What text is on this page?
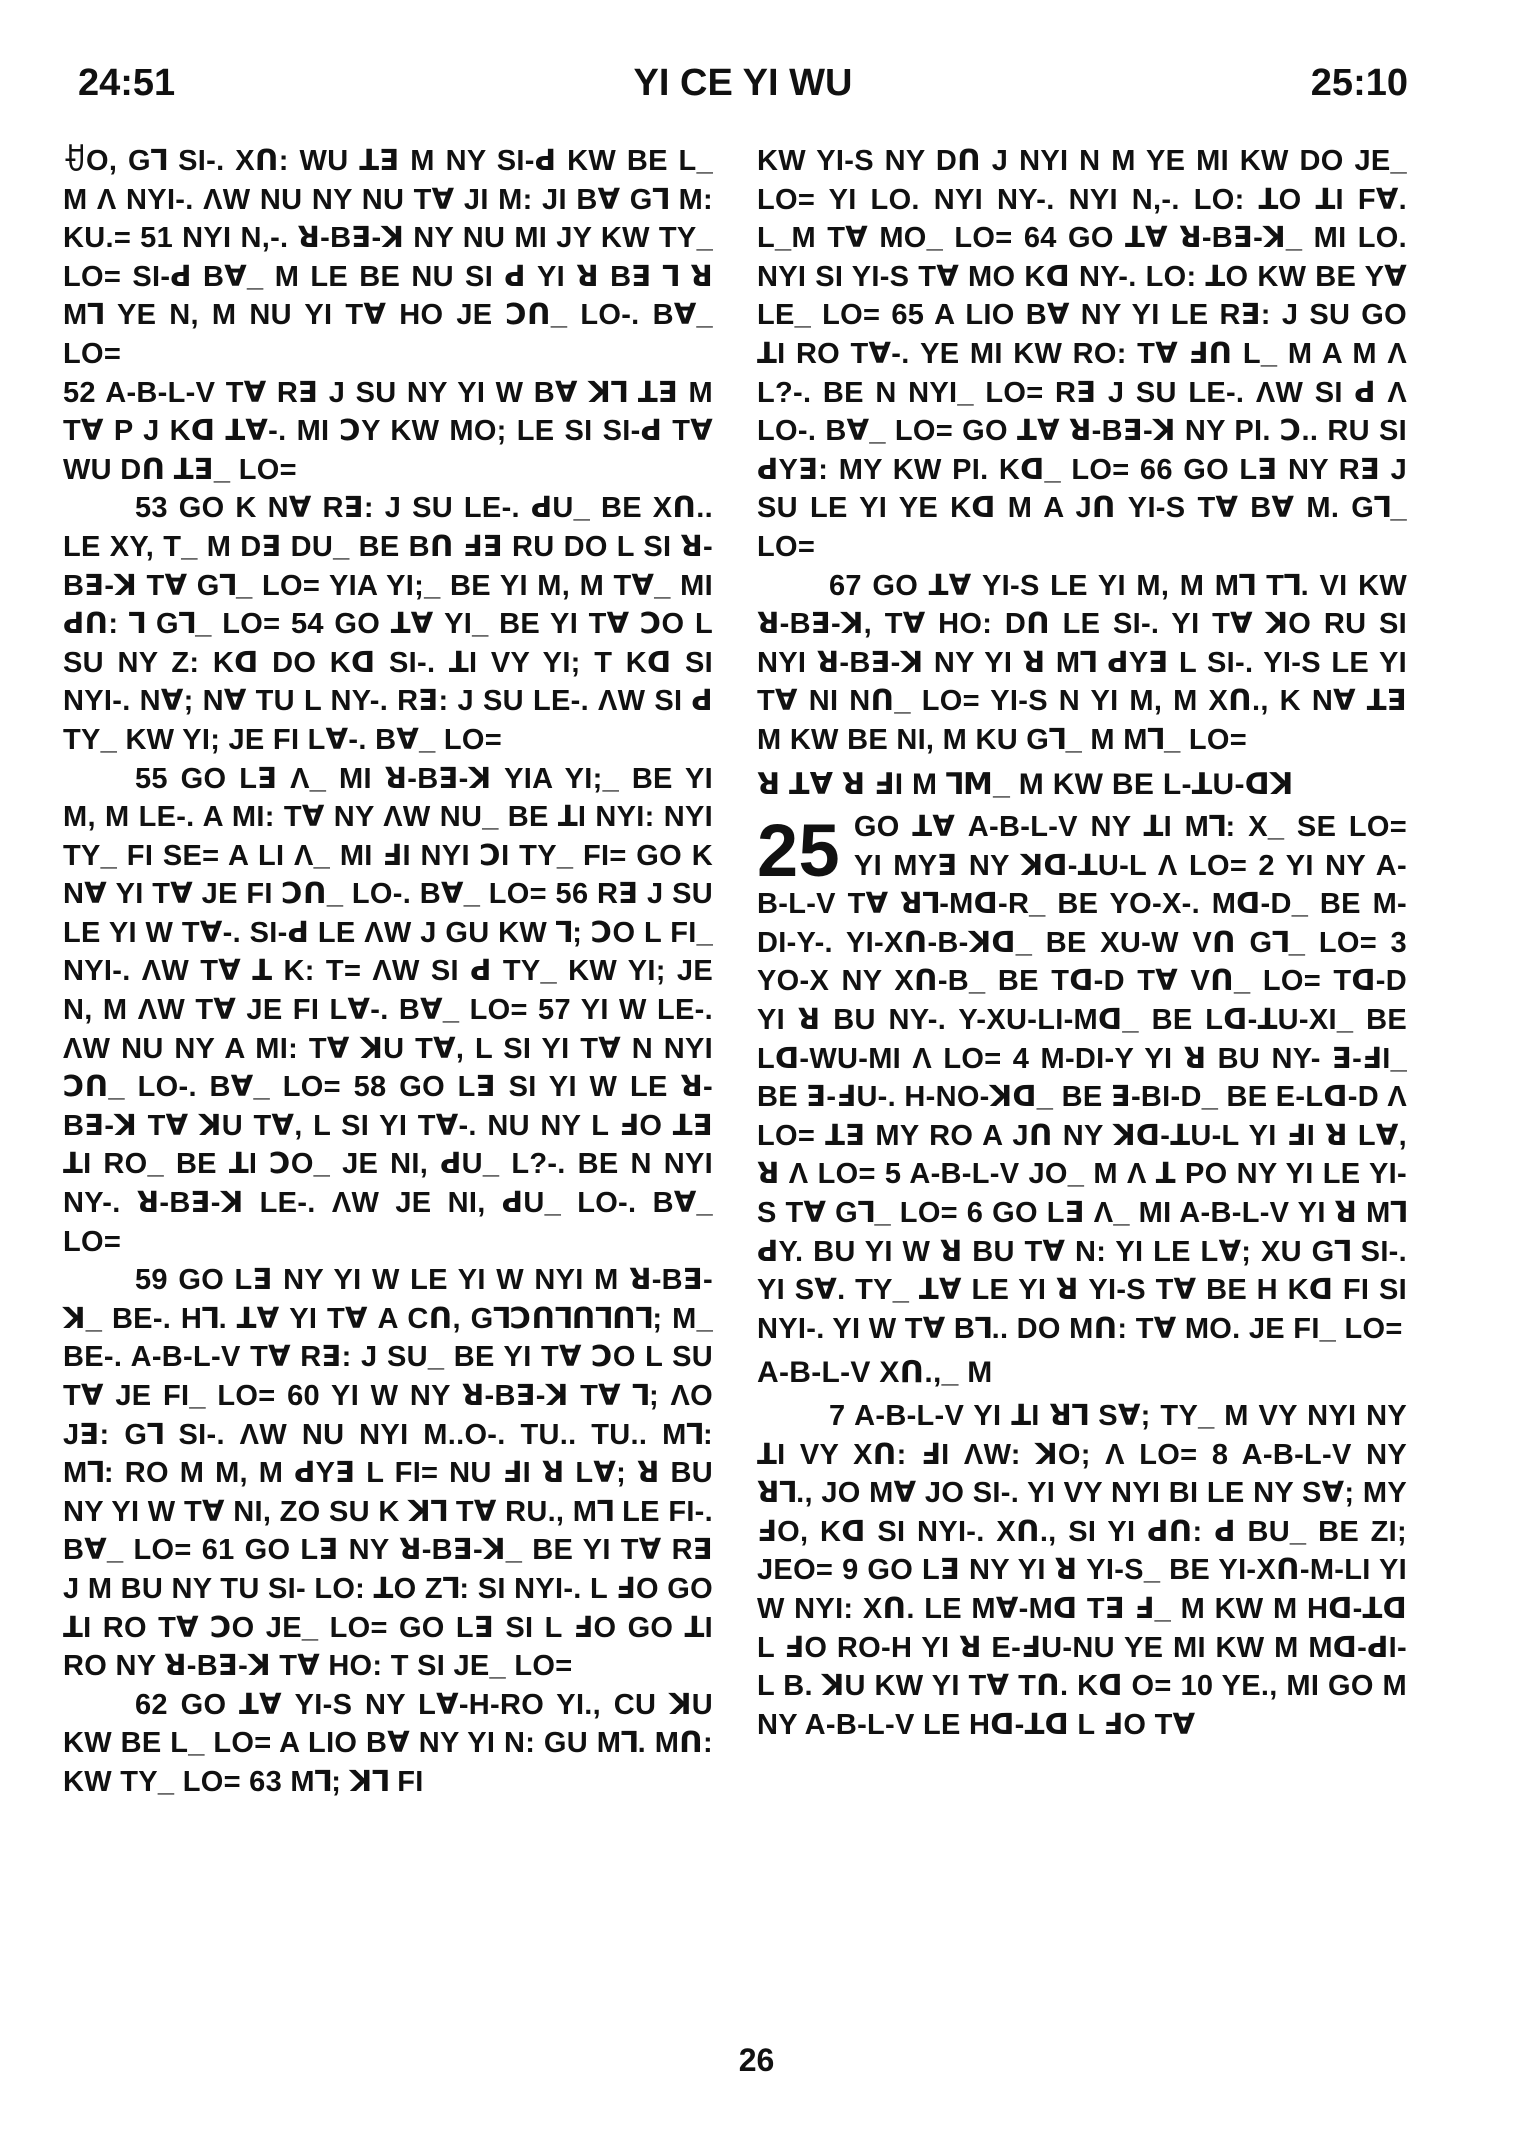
24:51	YI CE YI WU	25:10

ꀀO, Gꓶ SI-. Xꓵ: WU ꓕꓱ M NY SI-ꓒ KW BE L_ M Λ NYI-. ΛW NU NY NU Tꓯ JI M: JI Bꓯ Gꓶ M: KU.= 51 NYI N,-. ꓤ-Bꓱ-ꓘ NY NU MI JY KW TY_ LO= SI-ꓒ Bꓯ_ M LE BE NU SI ꓒ YI ꓤ Bꓱ ꓶ ꓤ Mꓶ YE N, M NU YI Tꓯ HO JE ꓛꓵ_ LO-. Bꓯ_ LO=

52 A-B-L-V Tꓯ Rꓱ J SU NY YI W Bꓯ ꓘꓶ ꓕꓱ M Tꓯ P J Kꓷ ꓕꓯ-. MI ꓛY KW MO; LE SI SI-ꓒ Tꓯ WU Dꓵ ꓕꓱ_ LO=

53 GO K Nꓯ Rꓱ: J SU LE-. ꓒU_ BE Xꓵ.. LE XY, T_ M Dꓱ DU_ BE Bꓵ ꓞꓱ RU DO L SI ꓤ-Bꓱ-ꓘ Tꓯ Gꓶ_ LO= YIA YI;_ BE YI M, M Tꓯ_ MI ꓒꓵ: ꓶ Gꓶ_ LO= 54 GO ꓕꓯ YI_ BE YI Tꓯ ꓛO L SU NY Z: Kꓷ DO Kꓷ SI-. ꓕI VY YI; T Kꓷ SI NYI-. Nꓯ; Nꓯ TU L NY-. Rꓱ: J SU LE-. ΛW SI ꓒ TY_ KW YI; JE FI Lꓯ-. Bꓯ_ LO=

55 GO Lꓱ Λ_ MI ꓤ-Bꓱ-ꓘ YIA YI;_ BE YI M, M LE-. A MI: Tꓯ NY ΛW NU_ BE ꓕI NYI: NYI TY_ FI SE= A LI Λ_ MI ꓞI NYI ꓛI TY_ FI= GO K Nꓯ YI Tꓯ JE FI ꓛꓵ_ LO-. Bꓯ_ LO= 56 Rꓱ J SU LE YI W Tꓯ-. SI-ꓒ LE ΛW J GU KW ꓶ; ꓛO L FI_ NYI-. ΛW Tꓯ ꓕ K: T= ΛW SI ꓒ TY_ KW YI; JE N, M ΛW Tꓯ JE FI Lꓯ-. Bꓯ_ LO= 57 YI W LE-. ΛW NU NY A MI: Tꓯ ꓘU Tꓯ, L SI YI Tꓯ N NYI ꓛꓵ_ LO-. Bꓯ_ LO= 58 GO Lꓱ SI YI W LE ꓤ-Bꓱ-ꓘ Tꓯ ꓘU Tꓯ, L SI YI Tꓯ-. NU NY L ꓞO ꓕꓱ ꓕI RO_ BE ꓕI ꓛO_ JE NI, ꓒU_ L?-. BE N NYI NY-. ꓤ-Bꓱ-ꓘ LE-. ΛW JE NI, ꓒU_ LO-. Bꓯ_ LO=

59 GO Lꓱ NY YI W LE YI W NYI M ꓤ-Bꓱ-ꓘ_ BE-. Hꓶ. ꓕꓯ YI Tꓯ A Cꓵ, Gꓶꓛꓵꓶꓵꓶꓵꓶ; M_ BE-. A-B-L-V Tꓯ Rꓱ: J SU_ BE YI Tꓯ ꓛO L SU Tꓯ JE FI_ LO= 60 YI W NY ꓤ-Bꓱ-ꓘ Tꓯ ꓶ; ΛO Jꓱ: Gꓶ SI-. ΛW NU NYI M..O-. TU.. TU.. Mꓶ: Mꓶ: RO M M, M ꓒYꓱ L FI= NU ꓞI ꓤ Lꓯ; ꓤ BU NY YI W Tꓯ NI, ZO SU K ꓘꓶ Tꓯ RU., Mꓶ LE FI-. Bꓯ_ LO= 61 GO Lꓱ NY ꓤ-Bꓱ-ꓘ_ BE YI Tꓯ Rꓱ J M BU NY TU SI- LO: ꓕO Zꓶ: SI NYI-. L ꓞO GO ꓕI RO Tꓯ ꓛO JE_ LO= GO Lꓱ SI L ꓞO GO ꓕI RO NY ꓤ-Bꓱ-ꓘ Tꓯ HO: T SI JE_ LO=

62 GO ꓕꓯ YI-S NY Lꓯ-H-RO YI., CU ꓘU KW BE L_ LO= A LIO Bꓯ NY YI N: GU Mꓶ. Mꓵ: KW TY_ LO= 63 Mꓶ; ꓘꓶ FI

KW YI-S NY Dꓵ J NYI N M YE MI KW DO JE_ LO= YI LO. NYI NY-. NYI N,-. LO: ꓕO ꓕI Fꓯ. L_M Tꓯ MO_ LO= 64 GO ꓕꓯ ꓤ-Bꓱ-ꓘ_ MI LO. NYI SI YI-S Tꓯ MO Kꓷ NY-. LO: ꓕO KW BE Yꓯ LE_ LO= 65 A LIO Bꓯ NY YI LE Rꓱ: J SU GO ꓕI RO Tꓯ-. YE MI KW RO: Tꓯ ꓞꓵ L_ M A M Λ L?-. BE N NYI_ LO= Rꓱ J SU LE-. ΛW SI ꓒ Λ LO-. Bꓯ_ LO= GO ꓕꓯ ꓤ-Bꓱ-ꓘ NY PI. ꓛ.. RU SI ꓒYꓱ: MY KW PI. Kꓷ_ LO= 66 GO Lꓱ NY Rꓱ J SU LE YI YE Kꓷ M A Jꓵ YI-S Tꓯ Bꓯ M. Gꓶ_ LO=

67 GO ꓕꓯ YI-S LE YI M, M Mꓶ Tꓶ. VI KW ꓤ-Bꓱ-ꓘ, Tꓯ HO: Dꓵ LE SI-. YI Tꓯ ꓘO RU SI NYI ꓤ-Bꓱ-ꓘ NY YI ꓤ Mꓶ ꓒYꓱ L SI-. YI-S LE YI Tꓯ NI Nꓵ_ LO= YI-S N YI M, M Xꓵ., K Nꓯ ꓕꓱ M KW BE NI, M KU Gꓶ_ M Mꓶ_ LO=

ꓤ ꓕꓯ ꓤ ꓞI M ꓶꓟ_ M KW BE L-ꓕU-ꓷꓘ

25 GO ꓕꓯ A-B-L-V NY ꓕI Mꓶ: X_ SE LO= YI MYꓱ NY ꓘꓷ-ꓕU-L Λ LO= 2 YI NY A-B-L-V Tꓯ ꓤꓶ-Mꓷ-R_ BE YO-X-. Mꓷ-D_ BE M-DI-Y-. YI-Xꓵ-B-ꓘꓷ_ BE XU-W Vꓵ Gꓶ_ LO= 3 YO-X NY Xꓵ-B_ BE Tꓷ-D Tꓯ Vꓵ_ LO= Tꓷ-D YI ꓤ BU NY-. Y-XU-LI-Mꓷ_ BE Lꓷ-ꓕU-XI_ BE Lꓷ-WU-MI Λ LO= 4 M-DI-Y YI ꓤ BU NY- ꓱ-ꓞI_ BE ꓱ-ꓞU-. H-NO-ꓘꓷ_ BE ꓱ-BI-D_ BE E-Lꓷ-D Λ LO= ꓕꓱ MY RO A Jꓵ NY ꓘꓷ-ꓕU-L YI ꓞI ꓤ Lꓯ, ꓤ Λ LO= 5 A-B-L-V JO_ M Λ ꓕ PO NY YI LE YI-S Tꓯ Gꓶ_ LO= 6 GO Lꓱ Λ_ MI A-B-L-V YI ꓤ Mꓶ ꓒY. BU YI W ꓤ BU Tꓯ N: YI LE Lꓯ; XU Gꓶ SI-. YI Sꓯ. TY_ ꓕꓯ LE YI ꓤ YI-S Tꓯ BE H Kꓷ FI SI NYI-. YI W Tꓯ Bꓶ.. DO Mꓵ: Tꓯ MO. JE FI_ LO=

A-B-L-V Xꓵ.,_ M

7 A-B-L-V YI ꓕI ꓤꓶ Sꓯ; TY_ M VY NYI NY ꓕI VY Xꓵ: ꓞI ΛW: ꓘO; Λ LO= 8 A-B-L-V NY ꓤꓶ., JO Mꓯ JO SI-. YI VY NYI BI LE NY Sꓯ; MY ꓞO, Kꓷ SI NYI-. Xꓵ., SI YI ꓒꓵ: ꓒ BU_ BE ZI; JEO= 9 GO Lꓱ NY YI ꓤ YI-S_ BE YI-Xꓵ-M-LI YI W NYI: Xꓵ. LE Mꓯ-Mꓷ Tꓱ ꓞ_ M KW M Hꓷ-ꓕꓷ L ꓞO RO-H YI ꓤ E-ꓞU-NU YE MI KW M Mꓷ-ꓒI-L B. ꓘU KW YI Tꓯ Tꓵ. Kꓷ O= 10 YE., MI GO M NY A-B-L-V LE Hꓷ-ꓕꓷ L ꓞO Tꓯ

26
